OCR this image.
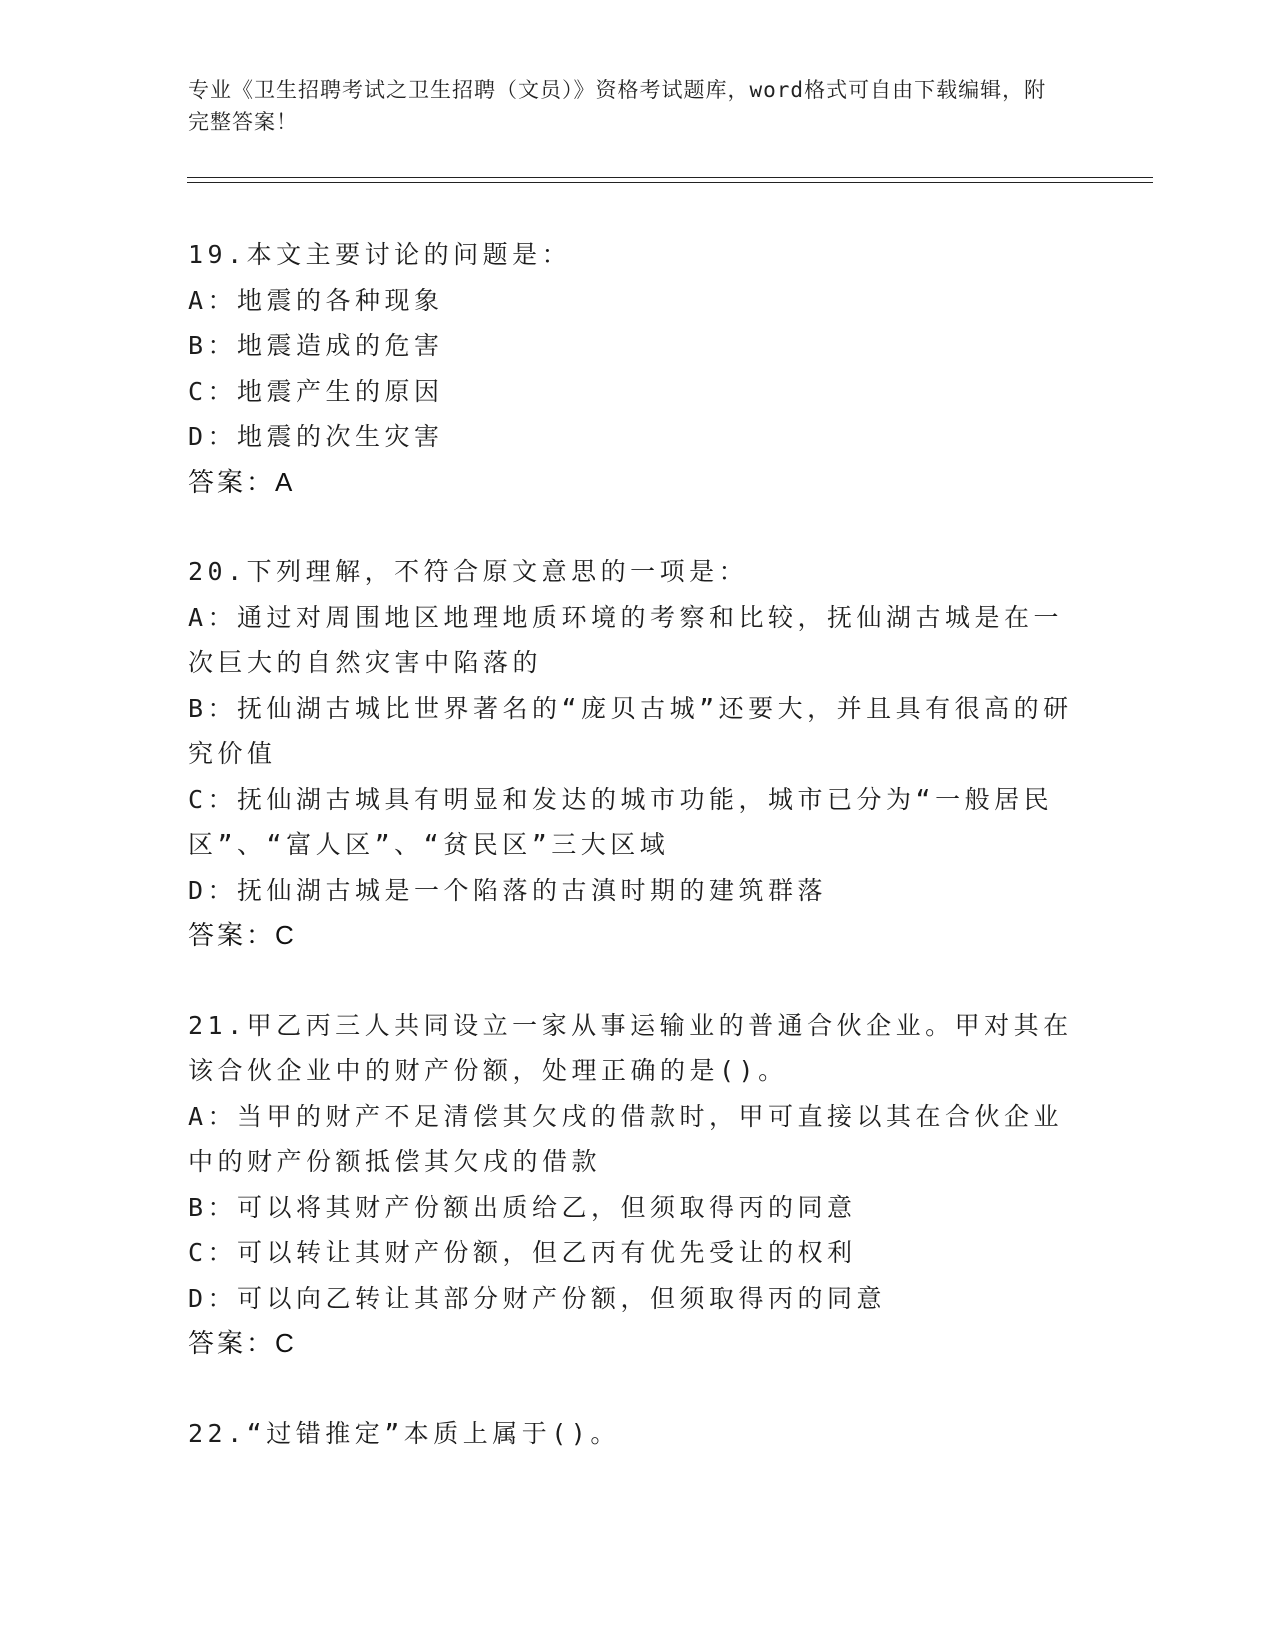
专业《卫生招聘考试之卫生招聘（文员）》资格考试题库，word格式可自由下载编辑，附完整答案！

19.本文主要讨论的问题是：

A：地震的各种现象

B：地震造成的危害

C：地震产生的原因

D：地震的次生灾害

答案：A

20.下列理解，不符合原文意思的一项是：

A：通过对周围地区地理地质环境的考察和比较，抚仙湖古城是在一次巨大的自然灾害中陷落的

B：抚仙湖古城比世界著名的“庞贝古城”还要大，并且具有很高的研究价值

C：抚仙湖古城具有明显和发达的城市功能，城市已分为“一般居民区”、“富人区”、“贫民区”三大区域

D：抚仙湖古城是一个陷落的古滇时期的建筑群落

答案：C

21.甲乙丙三人共同设立一家从事运输业的普通合伙企业。甲对其在该合伙企业中的财产份额，处理正确的是()。

A：当甲的财产不足清偿其欠戌的借款时，甲可直接以其在合伙企业中的财产份额抵偿其欠戌的借款

B：可以将其财产份额出质给乙，但须取得丙的同意

C：可以转让其财产份额，但乙丙有优先受让的权利

D：可以向乙转让其部分财产份额，但须取得丙的同意

答案：C

22.“过错推定”本质上属于()。
